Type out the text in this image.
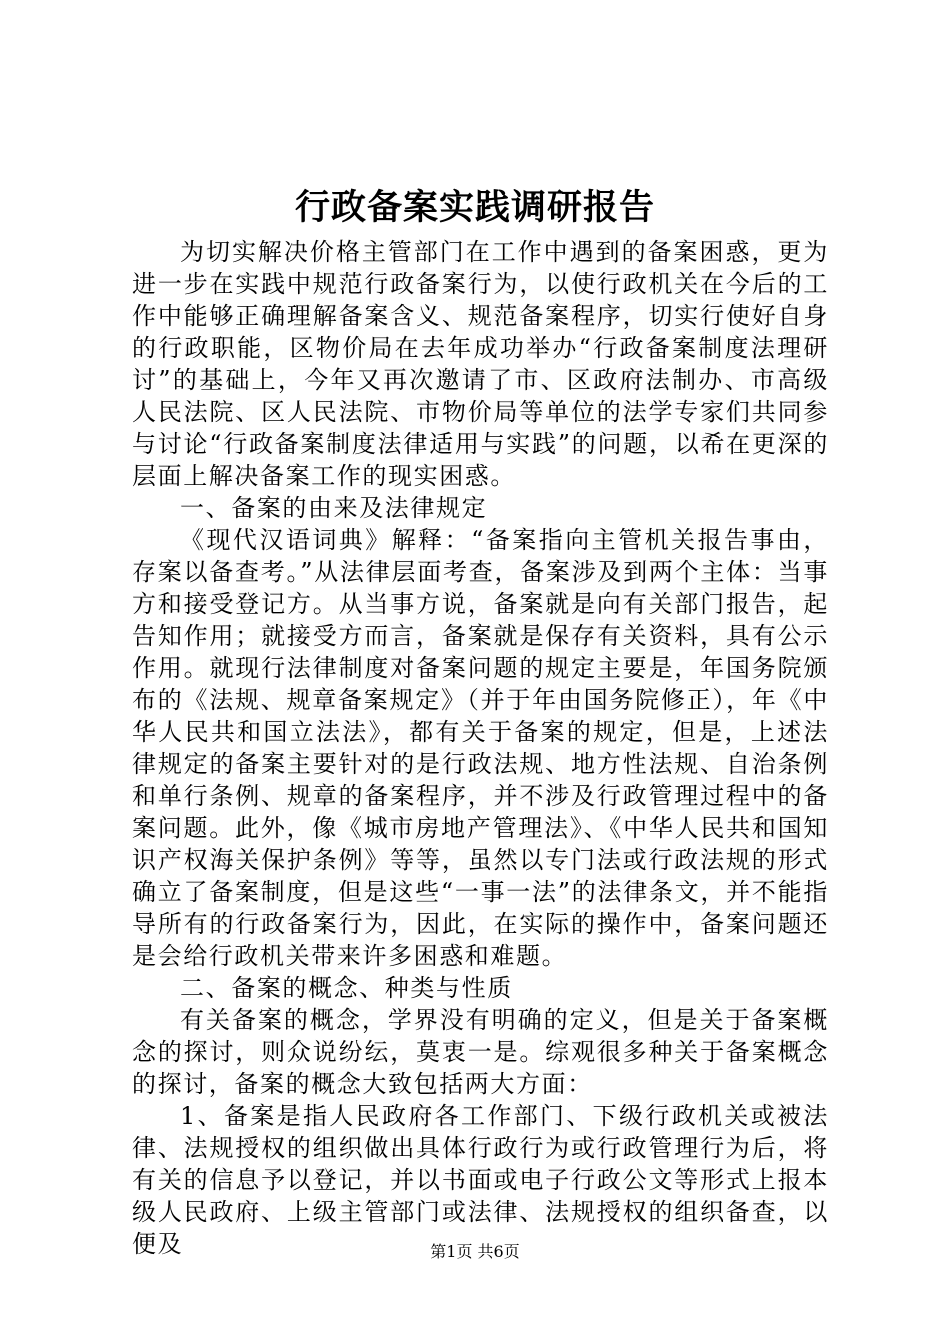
行政备案实践调研报告

为切实解决价格主管部门在工作中遇到的备案困惑，更为进一步在实践中规范行政备案行为，以使行政机关在今后的工作中能够正确理解备案含义、规范备案程序，切实行使好自身的行政职能，区物价局在去年成功举办“行政备案制度法理研讨”的基础上，今年又再次邀请了市、区政府法制办、市高级人民法院、区人民法院、市物价局等单位的法学专家们共同参与讨论“行政备案制度法律适用与实践”的问题，以希在更深的层面上解决备案工作的现实困惑。

一、备案的由来及法律规定

《现代汉语词典》解释：“备案指向主管机关报告事由，存案以备查考。”从法律层面考查，备案涉及到两个主体：当事方和接受登记方。从当事方说，备案就是向有关部门报告，起告知作用；就接受方而言，备案就是保存有关资料，具有公示作用。就现行法律制度对备案问题的规定主要是，年国务院颁布的《法规、规章备案规定》（并于年由国务院修正），年《中华人民共和国立法法》，都有关于备案的规定，但是，上述法律规定的备案主要针对的是行政法规、地方性法规、自治条例和单行条例、规章的备案程序，并不涉及行政管理过程中的备案问题。此外，像《城市房地产管理法》、《中华人民共和国知识产权海关保护条例》等等，虽然以专门法或行政法规的形式确立了备案制度，但是这些“一事一法”的法律条文，并不能指导所有的行政备案行为，因此，在实际的操作中，备案问题还是会给行政机关带来许多困惑和难题。

二、备案的概念、种类与性质

有关备案的概念，学界没有明确的定义，但是关于备案概念的探讨，则众说纷纭，莫衷一是。综观很多种关于备案概念的探讨，备案的概念大致包括两大方面：

1、备案是指人民政府各工作部门、下级行政机关或被法律、法规授权的组织做出具体行政行为或行政管理行为后，将有关的信息予以登记，并以书面或电子行政公文等形式上报本级人民政府、上级主管部门或法律、法规授权的组织备查，以便及	第1页 共6页
